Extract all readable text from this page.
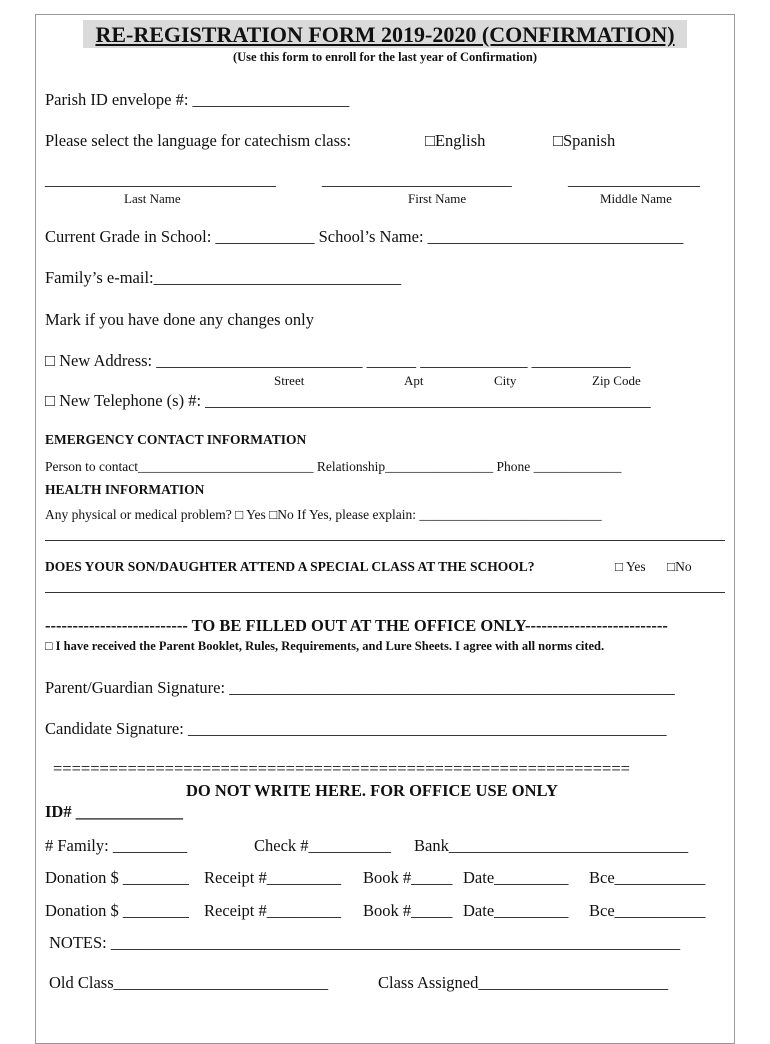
RE-REGISTRATION FORM 2019-2020 (CONFIRMATION)
(Use this form to enroll for the last year of Confirmation)
Parish ID envelope #: ___________________
Please select the language for catechism class:	□English	□Spanish
____________________________	_______________________	________________
Last Name	First Name	Middle Name
Current Grade in School: ____________ School’s Name: _______________________________
Family’s e-mail:______________________________
Mark if you have done any changes only
□ New Address: _________________________ ______ _____________ ____________
Street	Apt	City	Zip Code
□ New Telephone (s) #: ______________________________________________________
EMERGENCY CONTACT INFORMATION
Person to contact__________________________ Relationship________________ Phone _____________
HEALTH INFORMATION
Any physical or medical problem? □ Yes □No If Yes, please explain: ___________________________
DOES YOUR SON/DAUGHTER ATTEND A SPECIAL CLASS AT THE SCHOOL?	□ Yes □No
-------------------------- TO BE FILLED OUT AT THE OFFICE ONLY--------------------------
□ I have received the Parent Booklet, Rules, Requirements, and Lure Sheets. I agree with all norms cited.
Parent/Guardian Signature: ______________________________________________________
Candidate Signature: __________________________________________________________
==============================================================
DO NOT WRITE HERE. FOR OFFICE USE ONLY
ID# _____________
# Family: _________	Check #__________ Bank_____________________________
Donation $ ________ Receipt #_________ Book #_____ Date_________ Bce___________
Donation $ ________ Receipt #_________ Book #_____ Date_________ Bce___________
NOTES: _____________________________________________________________________
Old Class__________________________	Class Assigned_______________________
